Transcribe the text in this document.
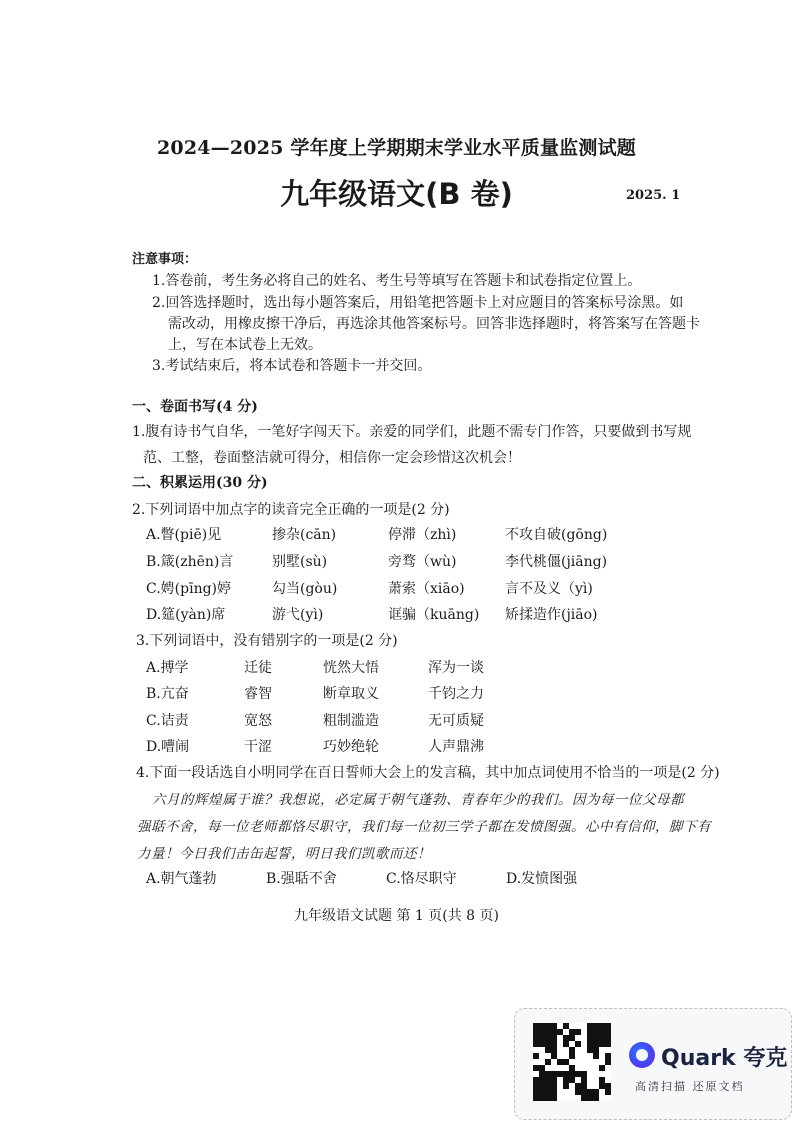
2024—2025 学年度上学期期末学业水平质量监测试题
九年级语文(B 卷)	2025. 1
注意事项：
1.答卷前，考生务必将自己的姓名、考生号等填写在答题卡和试卷指定位置上。
2.回答选择题时，选出每小题答案后，用铅笔把答题卡上对应题目的答案标号涂黑。如
需改动，用橡皮擦干净后，再选涂其他答案标号。回答非选择题时，将答案写在答题卡
上，写在本试卷上无效。
3.考试结束后，将本试卷和答题卡一并交回。
一、卷面书写(4 分)
1.腹有诗书气自华，一笔好字闯天下。亲爱的同学们，此题不需专门作答，只要做到书写规
范、工整，卷面整洁就可得分，相信你一定会珍惜这次机会！
二、积累运用(30 分)
2.下列词语中加点字的读音完全正确的一项是(2 分)
A.瞥(piē)见	掺杂(cān)	停滞（zhì)	不攻自破(gōng)
B.箴(zhēn)言	别墅(sù)	旁骛（wù)	李代桃僵(jiāng)
C.娉(pīng)婷	勾当(gòu)	萧索（xiāo)	言不及义（yì)
D.筵(yàn)席	游弋(yì)	诓骗（kuāng) 矫揉造作(jiāo)
3.下列词语中，没有错别字的一项是(2 分)
A.搏学	迁徒	恍然大悟	浑为一谈
B.亢奋	睿智	断章取义	千钧之力
C.诘责	宽怒	粗制滥造	无可质疑
D.嘈闹	干涩	巧妙绝轮	人声鼎沸
4.下面一段话选自小明同学在百日誓师大会上的发言稿，其中加点词使用不恰当的一项是(2 分)
六月的辉煌属于谁？我想说，必定属于朝气蓬勃、青春年少的我们。因为每一位父母都
强聒不舍，每一位老师都恪尽职守，我们每一位初三学子都在发愤图强。心中有信仰，脚下有
力量！今日我们击缶起誓，明日我们凯歌而还！
A.朝气蓬勃	B.强聒不舍	C.恪尽职守	D.发愤图强
九年级语文试题 第 1 页(共 8 页)
Quark 夸克
高清扫描 还原文档
